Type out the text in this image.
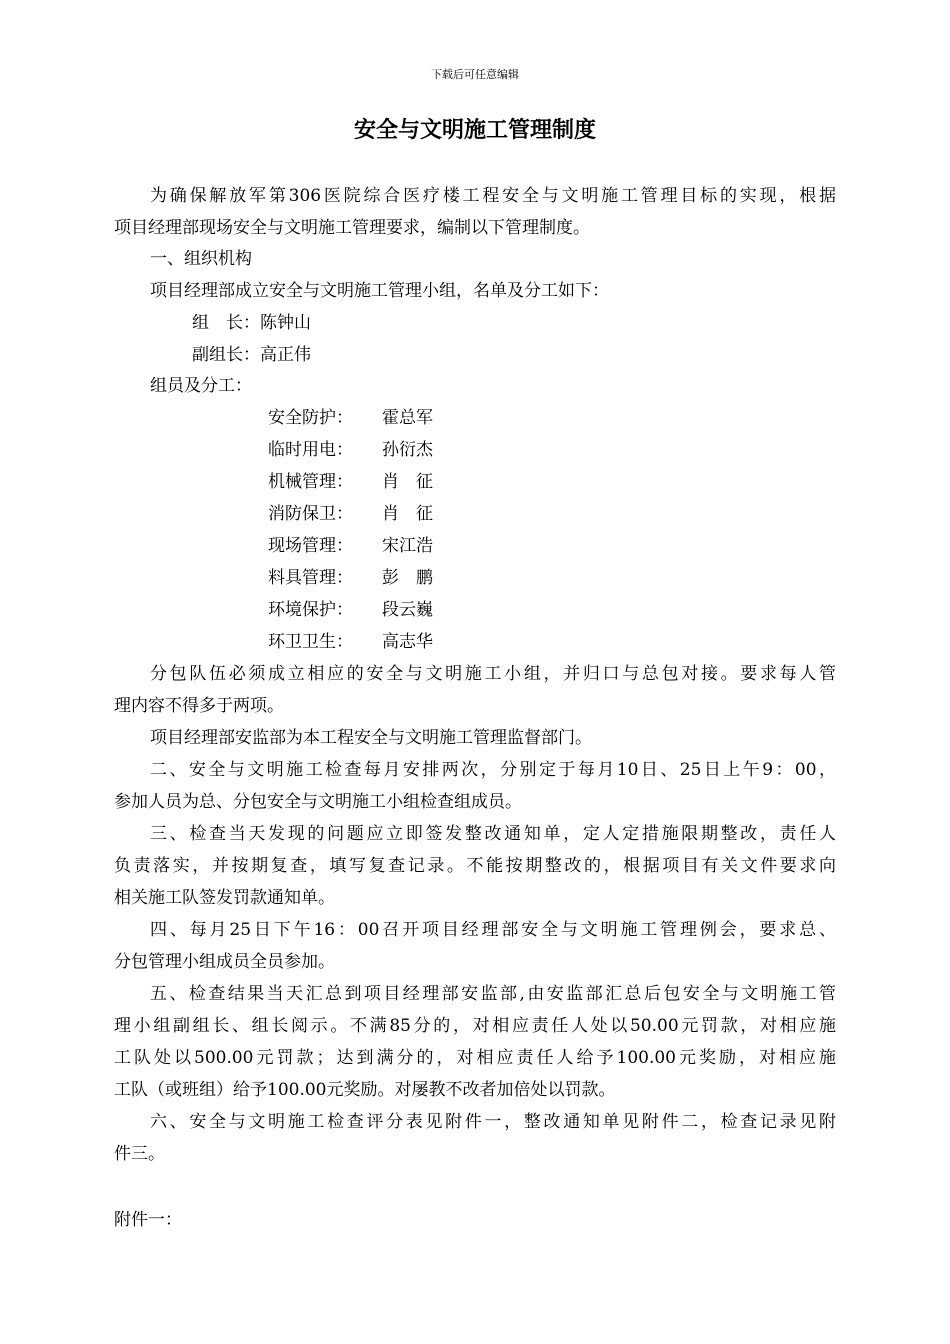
下载后可任意编辑
安全与文明施工管理制度
为确保解放军第306医院综合医疗楼工程安全与文明施工管理目标的实现，根据
项目经理部现场安全与文明施工管理要求，编制以下管理制度。
一、组织机构
项目经理部成立安全与文明施工管理小组，名单及分工如下：
组　长：陈钟山
副组长：高正伟
组员及分工：
安全防护： 霍总军
临时用电： 孙衍杰
机械管理： 肖　征
消防保卫： 肖　征
现场管理： 宋江浩
料具管理： 彭　鹏
环境保护： 段云巍
环卫卫生： 高志华
分包队伍必须成立相应的安全与文明施工小组，并归口与总包对接。要求每人管
理内容不得多于两项。
项目经理部安监部为本工程安全与文明施工管理监督部门。
二、安全与文明施工检查每月安排两次，分别定于每月10日、25日上午9：00，
参加人员为总、分包安全与文明施工小组检查组成员。
三、检查当天发现的问题应立即签发整改通知单，定人定措施限期整改，责任人
负责落实，并按期复查，填写复查记录。不能按期整改的，根据项目有关文件要求向
相关施工队签发罚款通知单。
四、每月25日下午16：00召开项目经理部安全与文明施工管理例会，要求总、
分包管理小组成员全员参加。
五、检查结果当天汇总到项目经理部安监部,由安监部汇总后包安全与文明施工管
理小组副组长、组长阅示。不满85分的，对相应责任人处以50.00元罚款，对相应施
工队处以500.00元罚款；达到满分的，对相应责任人给予100.00元奖励，对相应施
工队（或班组）给予100.00元奖励。对屡教不改者加倍处以罚款。
六、安全与文明施工检查评分表见附件一，整改通知单见附件二，检查记录见附
件三。
附件一：
